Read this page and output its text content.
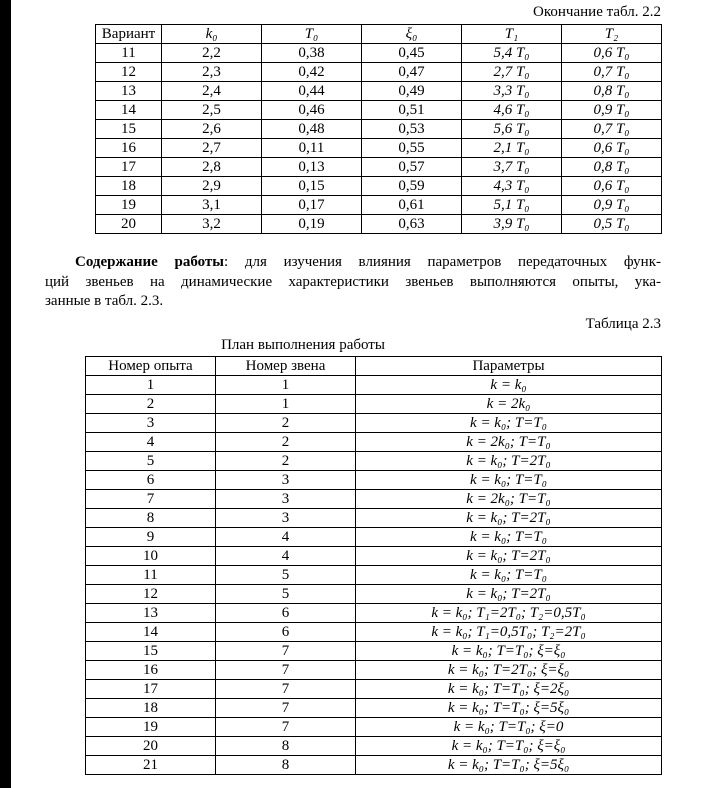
Окончание табл. 2.2
Вариант	k₀	T₀	ξ₀	T₁	T₂
11	2,2	0,38	0,45	5,4 T₀	0,6 T₀
12	2,3	0,42	0,47	2,7 T₀	0,7 T₀
13	2,4	0,44	0,49	3,3 T₀	0,8 T₀
14	2,5	0,46	0,51	4,6 T₀	0,9 T₀
15	2,6	0,48	0,53	5,6 T₀	0,7 T₀
16	2,7	0,11	0,55	2,1 T₀	0,6 T₀
17	2,8	0,13	0,57	3,7 T₀	0,8 T₀
18	2,9	0,15	0,59	4,3 T₀	0,6 T₀
19	3,1	0,17	0,61	5,1 T₀	0,9 T₀
20	3,2	0,19	0,63	3,9 T₀	0,5 T₀
Содержание работы: для изучения влияния параметров передаточных функ-
ций звеньев на динамические характеристики звеньев выполняются опыты, ука-
занные в табл. 2.3.
Таблица 2.3
План выполнения работы
Номер опыта	Номер звена	Параметры
1	1	k = k₀
2	1	k = 2k₀
3	2	k = k₀; T=T₀
4	2	k = 2k₀; T=T₀
5	2	k = k₀; T=2T₀
6	3	k = k₀; T=T₀
7	3	k = 2k₀; T=T₀
8	3	k = k₀; T=2T₀
9	4	k = k₀; T=T₀
10	4	k = k₀; T=2T₀
11	5	k = k₀; T=T₀
12	5	k = k₀; T=2T₀
13	6	k = k₀; T₁=2T₀; T₂=0,5T₀
14	6	k = k₀; T₁=0,5T₀; T₂=2T₀
15	7	k = k₀; T=T₀; ξ=ξ₀
16	7	k = k₀; T=2T₀; ξ=ξ₀
17	7	k = k₀; T=T₀; ξ=2ξ₀
18	7	k = k₀; T=T₀; ξ=5ξ₀
19	7	k = k₀; T=T₀; ξ=0
20	8	k = k₀; T=T₀; ξ=ξ₀
21	8	k = k₀; T=T₀; ξ=5ξ₀
